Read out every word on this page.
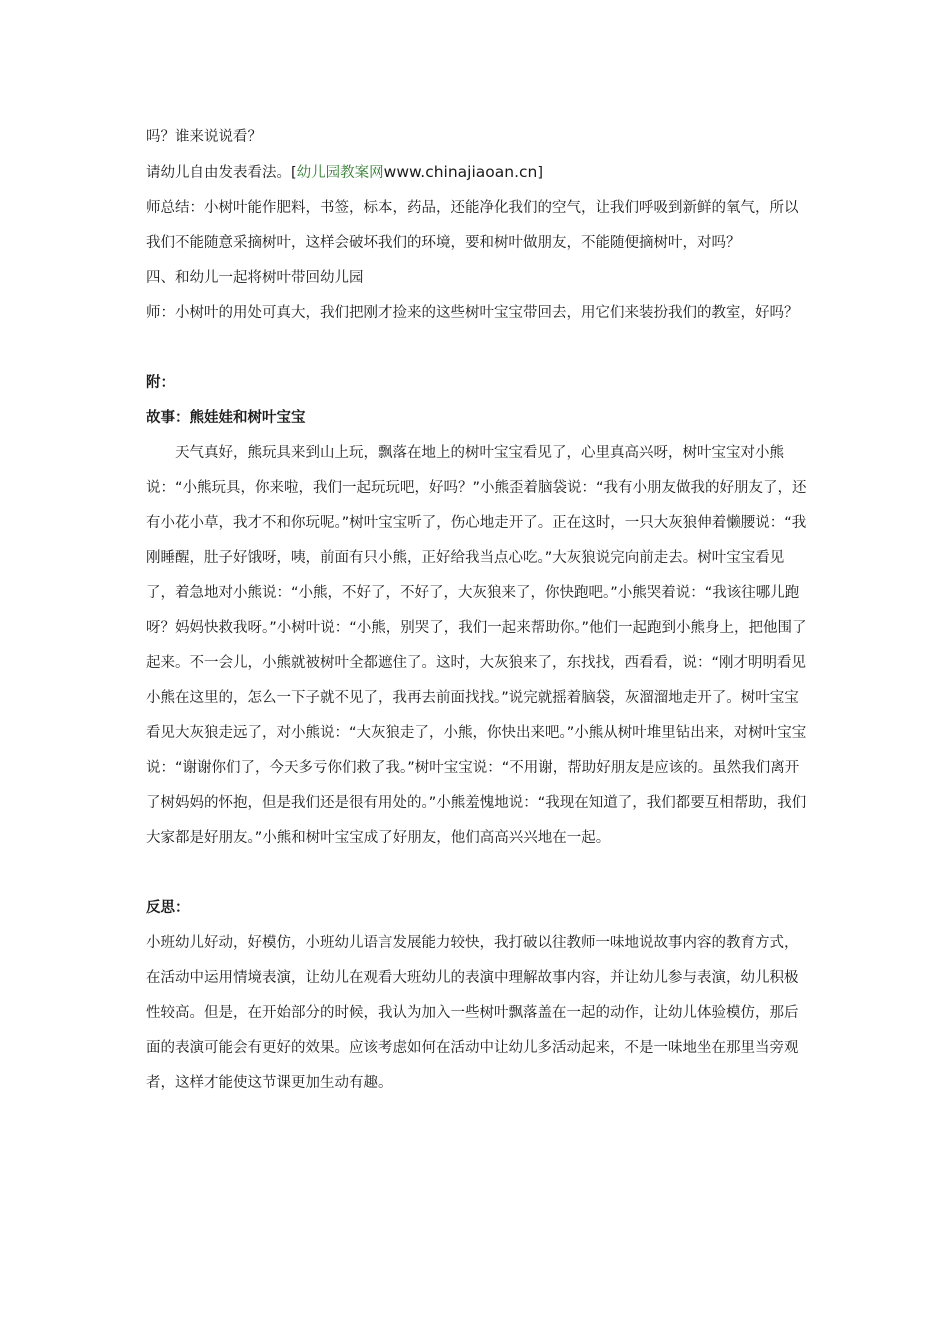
吗？谁来说说看？

请幼儿自由发表看法。[幼儿园教案网www.chinajiaoan.cn]

师总结：小树叶能作肥料，书签，标本，药品，还能净化我们的空气，让我们呼吸到新鲜的氧气，所以我们不能随意采摘树叶，这样会破坏我们的环境，要和树叶做朋友，不能随便摘树叶，对吗？

四、和幼儿一起将树叶带回幼儿园

师：小树叶的用处可真大，我们把刚才捡来的这些树叶宝宝带回去，用它们来装扮我们的教室，好吗？

附：

故事：熊娃娃和树叶宝宝

天气真好，熊玩具来到山上玩，飘落在地上的树叶宝宝看见了，心里真高兴呀，树叶宝宝对小熊说：“小熊玩具，你来啦，我们一起玩玩吧，好吗？”小熊歪着脑袋说：“我有小朋友做我的好朋友了，还有小花小草，我才不和你玩呢。”树叶宝宝听了，伤心地走开了。正在这时，一只大灰狼伸着懒腰说：“我刚睡醒，肚子好饿呀，咦，前面有只小熊，正好给我当点心吃。”大灰狼说完向前走去。树叶宝宝看见了，着急地对小熊说：“小熊，不好了，不好了，大灰狼来了，你快跑吧。”小熊哭着说：“我该往哪儿跑呀？妈妈快救我呀。”小树叶说：“小熊，别哭了，我们一起来帮助你。”他们一起跑到小熊身上，把他围了起来。不一会儿，小熊就被树叶全都遮住了。这时，大灰狼来了，东找找，西看看，说：“刚才明明看见小熊在这里的，怎么一下子就不见了，我再去前面找找。”说完就摇着脑袋，灰溜溜地走开了。树叶宝宝看见大灰狼走远了，对小熊说：“大灰狼走了，小熊，你快出来吧。”小熊从树叶堆里钻出来，对树叶宝宝说：“谢谢你们了，今天多亏你们救了我。”树叶宝宝说：“不用谢，帮助好朋友是应该的。虽然我们离开了树妈妈的怀抱，但是我们还是很有用处的。”小熊羞愧地说：“我现在知道了，我们都要互相帮助，我们大家都是好朋友。”小熊和树叶宝宝成了好朋友，他们高高兴兴地在一起。

反思：

小班幼儿好动，好模仿，小班幼儿语言发展能力较快，我打破以往教师一味地说故事内容的教育方式，在活动中运用情境表演，让幼儿在观看大班幼儿的表演中理解故事内容，并让幼儿参与表演，幼儿积极性较高。但是，在开始部分的时候，我认为加入一些树叶飘落盖在一起的动作，让幼儿体验模仿，那后面的表演可能会有更好的效果。应该考虑如何在活动中让幼儿多活动起来，不是一味地坐在那里当旁观者，这样才能使这节课更加生动有趣。
